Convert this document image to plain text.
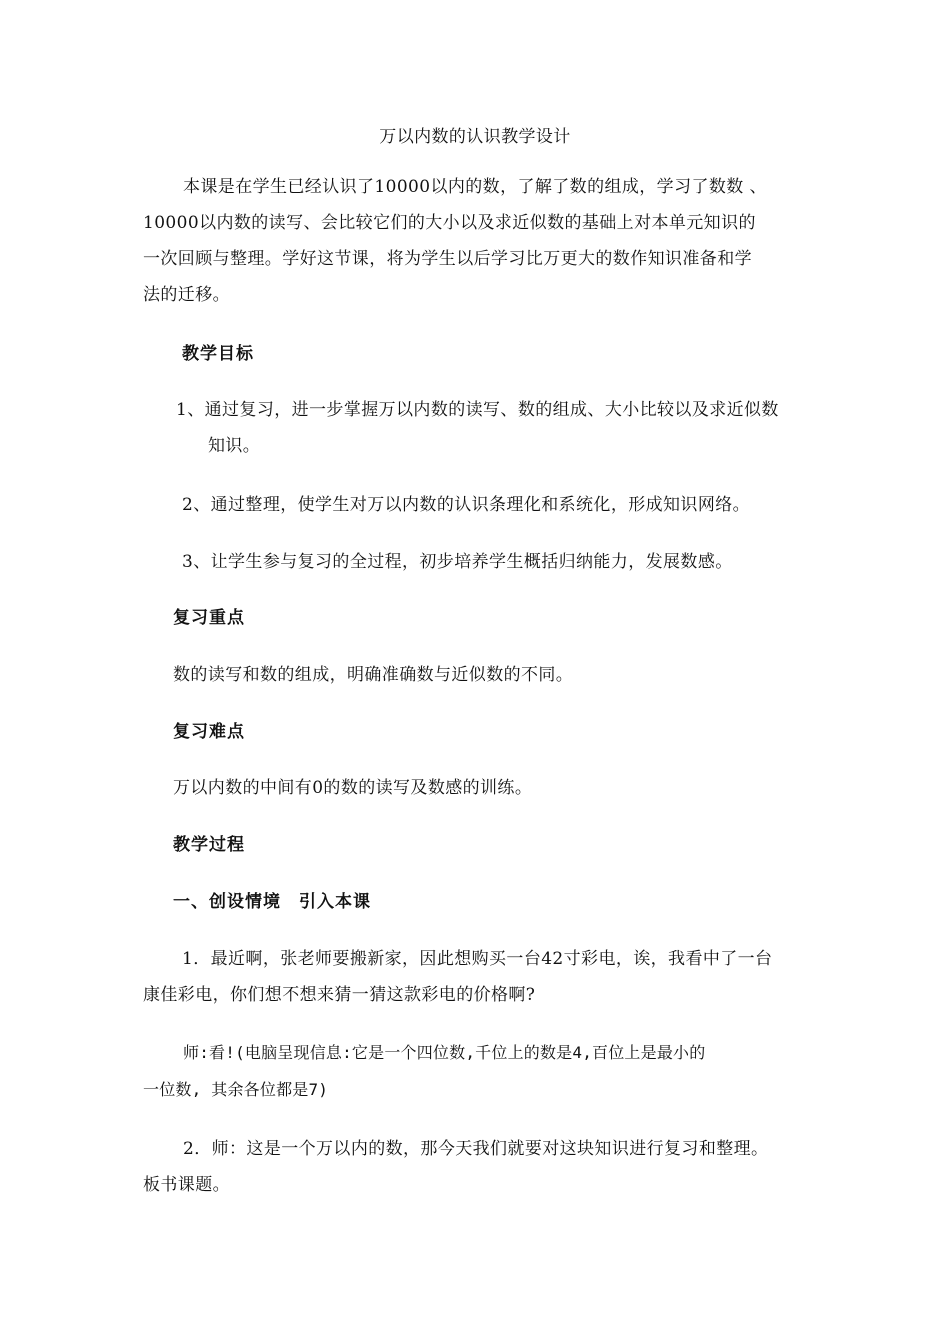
万以内数的认识教学设计
本课是在学生已经认识了10000以内的数，了解了数的组成，学习了数数 、
10000以内数的读写、会比较它们的大小以及求近似数的基础上对本单元知识的
一次回顾与整理。学好这节课，将为学生以后学习比万更大的数作知识准备和学
法的迁移。
教学目标
1、通过复习，进一步掌握万以内数的读写、数的组成、大小比较以及求近似数
知识。
2、通过整理，使学生对万以内数的认识条理化和系统化，形成知识网络。
3、让学生参与复习的全过程，初步培养学生概括归纳能力，发展数感。
复习重点
数的读写和数的组成，明确准确数与近似数的不同。
复习难点
万以内数的中间有0的数的读写及数感的训练。
教学过程
一、创设情境　引入本课
1．最近啊，张老师要搬新家，因此想购买一台42寸彩电，诶，我看中了一台
康佳彩电，你们想不想来猜一猜这款彩电的价格啊?
师:看!(电脑呈现信息:它是一个四位数,千位上的数是4,百位上是最小的
一位数, 其余各位都是7)
2．师：这是一个万以内的数，那今天我们就要对这块知识进行复习和整理。
板书课题。
